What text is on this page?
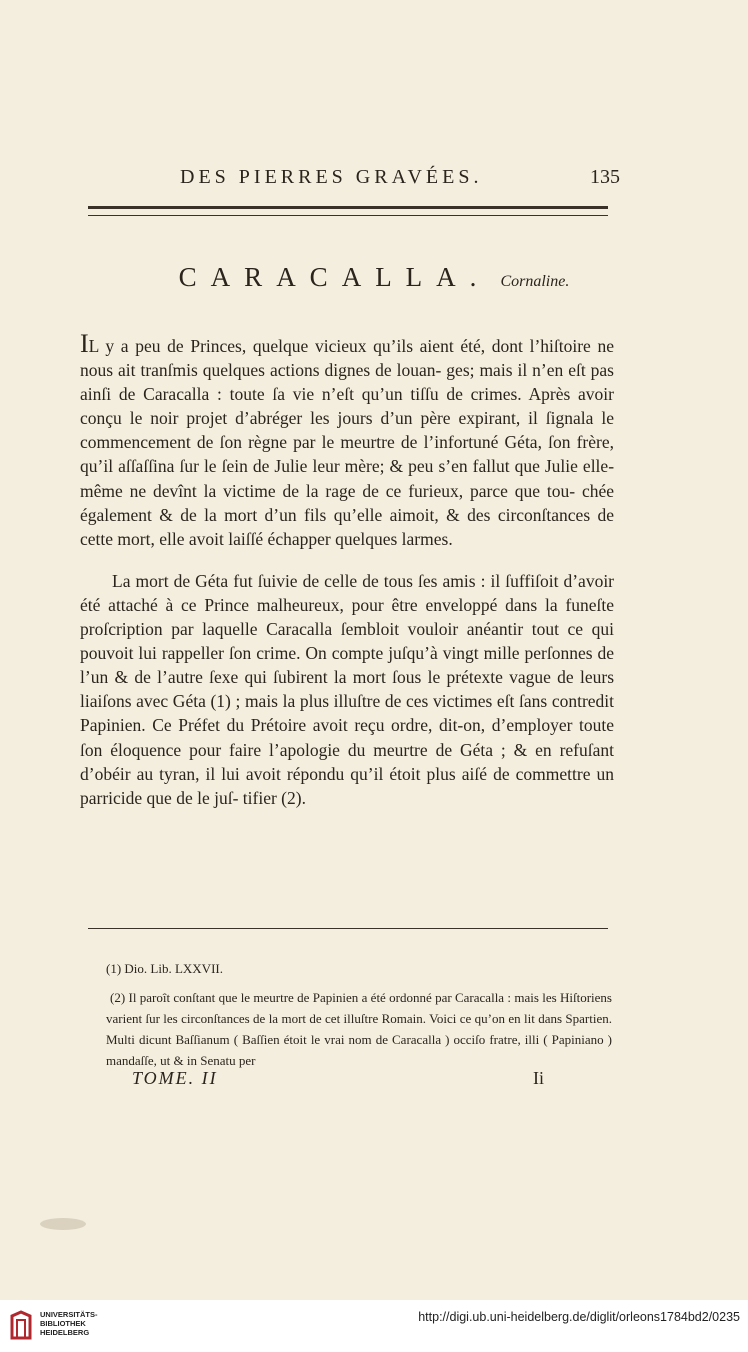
DES PIERRES GRAVÉES.	135
CARACALLA. Cornaline.

IL y a peu de Princes, quelque vicieux qu’ils aient été, dont l’hiſtoire ne nous ait tranſmis quelques actions dignes de louan- ges; mais il n’en eſt pas ainſi de Caracalla : toute ſa vie n’eſt qu’un tiſſu de crimes. Après avoir conçu le noir projet d’abréger les jours d’un père expirant, il ſignala le commencement de ſon règne par le meurtre de l’infortuné Géta, ſon frère, qu’il aſſaſſina ſur le ſein de Julie leur mère; & peu s’en fallut que Julie elle-même ne devînt la victime de la rage de ce furieux, parce que tou- chée également & de la mort d’un fils qu’elle aimoit, & des circonſtances de cette mort, elle avoit laiſſé échapper quelques larmes.

La mort de Géta fut ſuivie de celle de tous ſes amis : il ſuffiſoit d’avoir été attaché à ce Prince malheureux, pour être enveloppé dans la funeſte proſcription par laquelle Caracalla ſembloit vouloir anéantir tout ce qui pouvoit lui rappeller ſon crime. On compte juſqu’à vingt mille perſonnes de l’un & de l’autre ſexe qui ſubirent la mort ſous le prétexte vague de leurs liaiſons avec Géta (1) ; mais la plus illuſtre de ces victimes eſt ſans contredit Papinien. Ce Préfet du Prétoire avoit reçu ordre, dit-on, d’employer toute ſon éloquence pour faire l’apologie du meurtre de Géta ; & en refuſant d’obéir au tyran, il lui avoit répondu qu’il étoit plus aiſé de commettre un parricide que de le juſ- tifier (2).

(1) Dio. Lib. LXXVII.

(2) Il paroît conſtant que le meurtre de Papinien a été ordonné par Caracalla : mais les Hiſtoriens varient ſur les circonſtances de la mort de cet illuſtre Romain. Voici ce qu’on en lit dans Spartien. Multi dicunt Baſſianum ( Baſſien étoit le vrai nom de Caracalla ) occiſo fratre, illi ( Papiniano ) mandaſſe, ut & in Senatu per

TOME. II	Ii
UNIVERSITÄTS-
BIBLIOTHEK
HEIDELBERG
http://digi.ub.uni-heidelberg.de/diglit/orleons1784bd2/0235
